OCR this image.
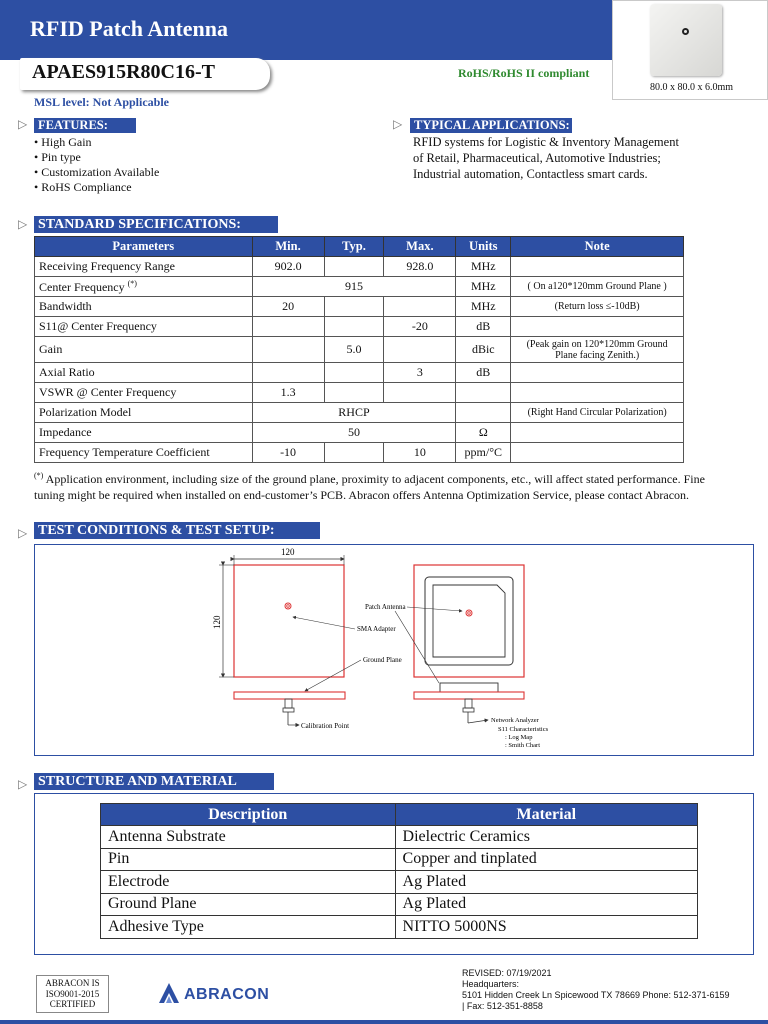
RFID Patch Antenna
APAES915R80C16-T	RoHS/RoHS II compliant
80.0 x 80.0 x 6.0mm
MSL level: Not Applicable
▷ FEATURES:
• High Gain
• Pin type
• Customization Available
• RoHS Compliance
▷ TYPICAL APPLICATIONS:
RFID systems for Logistic & Inventory Management
of Retail, Pharmaceutical, Automotive Industries;
Industrial automation, Contactless smart cards.
▷ STANDARD SPECIFICATIONS:
Parameters	Min.	Typ.	Max.	Units	Note
Receiving Frequency Range	902.0		928.0	MHz	
Center Frequency (*)	915			MHz	( On a120*120mm Ground Plane )
Bandwidth	20			MHz	(Return loss ≤-10dB)
S11@ Center Frequency			-20	dB	
Gain		5.0		dBic	(Peak gain on 120*120mm Ground Plane facing Zenith.)
Axial Ratio			3	dB	
VSWR @ Center Frequency	1.3				
Polarization Model	RHCP				(Right Hand Circular Polarization)
Impedance	50			Ω	
Frequency Temperature Coefficient	-10		10	ppm/°C	
(*) Application environment, including size of the ground plane, proximity to adjacent components, etc., will affect stated performance. Fine tuning might be required when installed on end-customer’s PCB. Abracon offers Antenna Optimization Service, please contact Abracon.
▷ TEST CONDITIONS & TEST SETUP:
120
120
Calibration Point
Patch Antenna
SMA Adapter
Ground Plane
Network Analyzer
S11 Characteristics
: Log Map
: Smith Chart
▷ STRUCTURE AND MATERIAL
Description	Material
Antenna Substrate	Dielectric Ceramics
Pin	Copper and tinplated
Electrode	Ag Plated
Ground Plane	Ag Plated
Adhesive Type	NITTO 5000NS
ABRACON IS
ISO9001-2015
CERTIFIED
ABRACON
REVISED: 07/19/2021
Headquarters:
5101 Hidden Creek Ln Spicewood TX 78669 Phone: 512-371-6159
| Fax: 512-351-8858
